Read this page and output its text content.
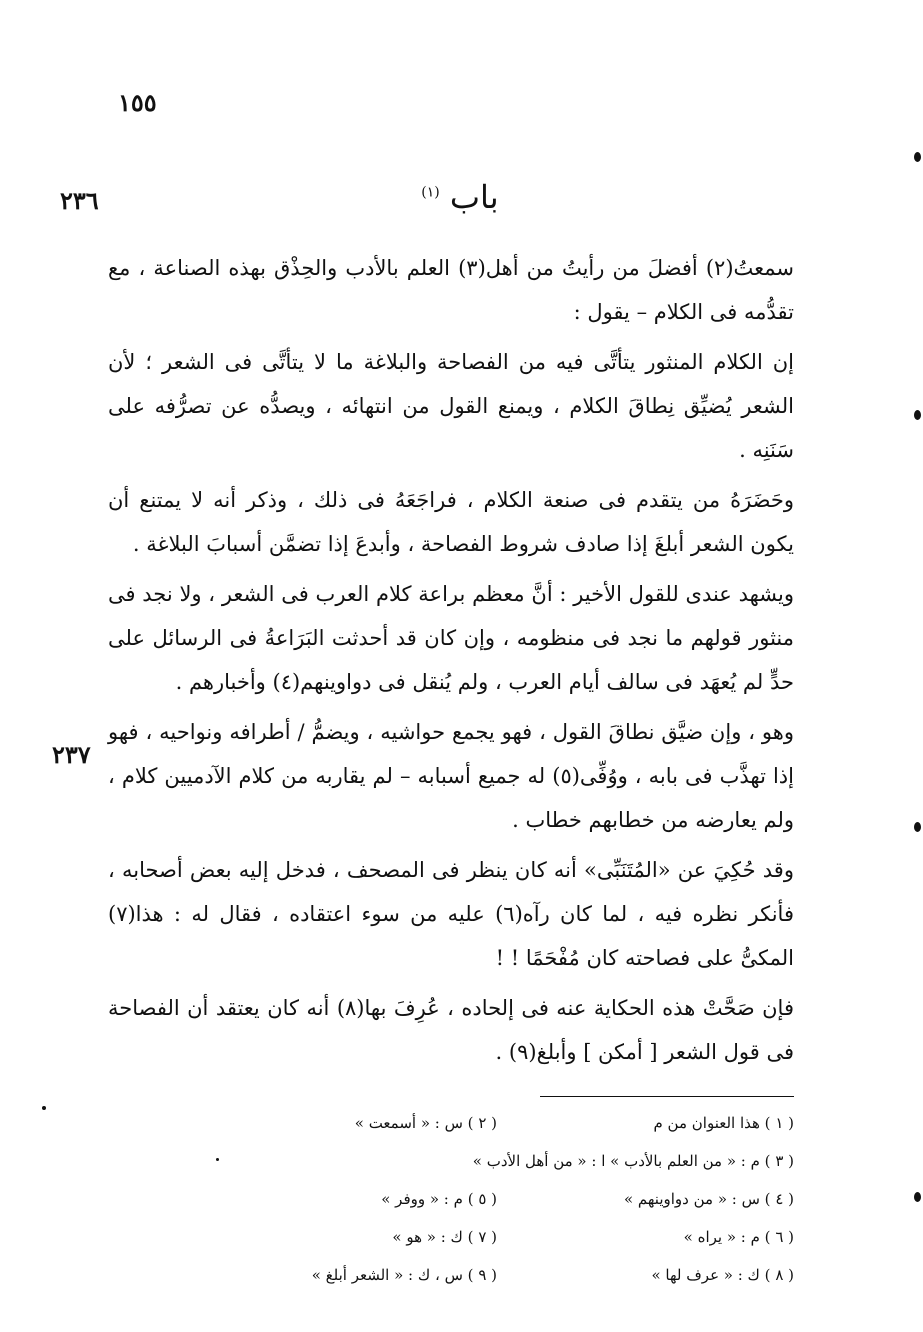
١٥٥
٢٣٦
٢٣٧
باب $^{(١)}$

سمعتُ(٢) أفضلَ من رأيتُ من أهل(٣) العلم بالأدب والحِذْق بهذه الصناعة ، مع تقدُّمه فى الكلام – يقول :

إن الكلام المنثور يتأتَّى فيه من الفصاحة والبلاغة ما لا يتأتَّى فى الشعر ؛ لأن الشعر يُضيِّق نِطاقَ الكلام ، ويمنع القول من انتهائه ، ويصدُّه عن تصرُّفه على سَنَنِه .

وحَضَرَهُ من يتقدم فى صنعة الكلام ، فراجَعَهُ فى ذلك ، وذكر أنه لا يمتنع أن يكون الشعر أبلغَ إذا صادف شروط الفصاحة ، وأبدعَ إذا تضمَّن أسبابَ البلاغة .

ويشهد عندى للقول الأخير : أنَّ معظم براعة كلام العرب فى الشعر ، ولا نجد فى منثور قولهم ما نجد فى منظومه ، وإن كان قد أحدثت البَرَاعةُ فى الرسائل على حدٍّ لم يُعهَد فى سالف أيام العرب ، ولم يُنقل فى دواوينهم(٤) وأخبارهم .

وهو ، وإن ضيَّق نطاقَ القول ، فهو يجمع حواشيه ، ويضمُّ / أطرافه ونواحيه ، فهو إذا تهذَّب فى بابه ، ووُفِّى(٥) له جميع أسبابه – لم يقاربه من كلام الآدميين كلام ، ولم يعارضه من خطابهم خطاب .

وقد حُكِيَ عن «المُتَنَبِّى» أنه كان ينظر فى المصحف ، فدخل إليه بعض أصحابه ، فأنكر نظره فيه ، لما كان رآه(٦) عليه من سوء اعتقاده ، فقال له : هذا(٧) المكىُّ على فصاحته كان مُفْحَمًا ! !

فإن صَحَّتْ هذه الحكاية عنه فى إلحاده ، عُرِفَ بها(٨) أنه كان يعتقد أن الفصاحة فى قول الشعر [ أمكن ] وأبلغ(٩) .

( ١ ) هذا العنوان من م
( ٢ ) س : « أسمعت »
( ٣ ) م : « من العلم بالأدب » ا : « من أهل الأدب »
( ٤ ) س : « من دواوينهم »
( ٥ ) م : « ووفر »
( ٦ ) م : « يراه »
( ٧ ) ك : « هو »
( ٨ ) ك : « عرف لها »
( ٩ ) س ، ك : « الشعر أبلغ »
